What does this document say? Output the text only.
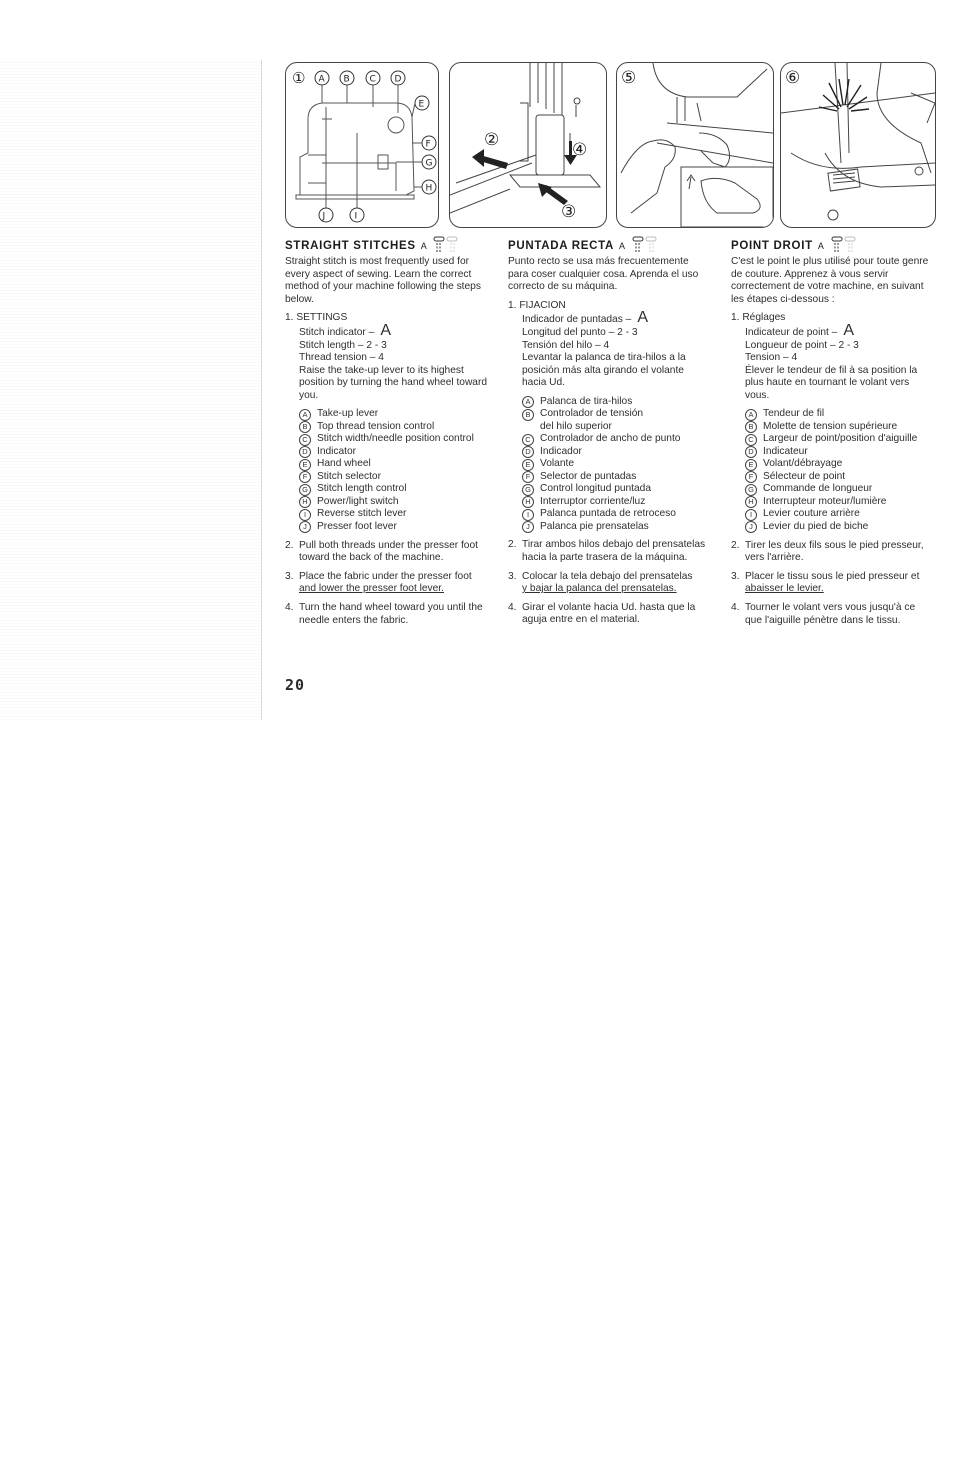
① A B C D
E
F
G
H
J	I
②
③
④
⑤	⑥
STRAIGHT STITCHES A
Straight stitch is most frequently used for every aspect of sewing. Learn the correct method of your machine following the steps below.
1. SETTINGS
Stitch indicator – A
Stitch length – 2 - 3
Thread tension – 4
Raise the take-up lever to its highest position by turning the hand wheel toward you.
A Take-up lever
B Top thread tension control
C Stitch width/needle position control
D Indicator
E Hand wheel
F Stitch selector
G Stitch length control
H Power/light switch
I	Reverse stitch lever
J Presser foot lever
2. Pull both threads under the presser foot toward the back of the machine.
3. Place the fabric under the presser foot and lower the presser foot lever.
4. Turn the hand wheel toward you until the needle enters the fabric.
PUNTADA RECTA A
Punto recto se usa más frecuentemente para coser cualquier cosa. Aprenda el uso correcto de su máquina.
1. FIJACION
Indicador de puntadas – A
Longitud del punto – 2 - 3
Tensión del hilo – 4
Levantar la palanca de tira-hilos a la posición más alta girando el volante hacia Ud.
A Palanca de tira-hilos
B Controlador de tensión
del hilo superior
C Controlador de ancho de punto
D Indicador
E Volante
F Selector de puntadas
G Control longitud puntada
H Interruptor corriente/luz
I	Palanca puntada de retroceso
J Palanca pie prensatelas
2. Tirar ambos hilos debajo del prensatelas hacia la parte trasera de la máquina.
3. Colocar la tela debajo del prensatelas
y bajar la palanca del prensatelas.
4. Girar el volante hacia Ud. hasta que la aguja entre en el material.
POINT DROIT A
C'est le point le plus utilisé pour toute genre de couture. Apprenez à vous servir correctement de votre machine, en suivant les étapes ci-dessous :
1. Réglages
Indicateur de point – A
Longueur de point – 2 - 3
Tension – 4
Élever le tendeur de fil à sa position la plus haute en tournant le volant vers vous.
A Tendeur de fil
B Molette de tension supérieure
C Largeur de point/position d'aiguille
D Indicateur
E Volant/débrayage
F Sélecteur de point
G Commande de longueur
H Interrupteur moteur/lumière
I	Levier couture arrière
J Levier du pied de biche
2. Tirer les deux fils sous le pied presseur, vers l'arrière.
3. Placer le tissu sous le pied presseur et
abaisser le levier.
4. Tourner le volant vers vous jusqu'à ce que l'aiguille pénètre dans le tissu.
20
